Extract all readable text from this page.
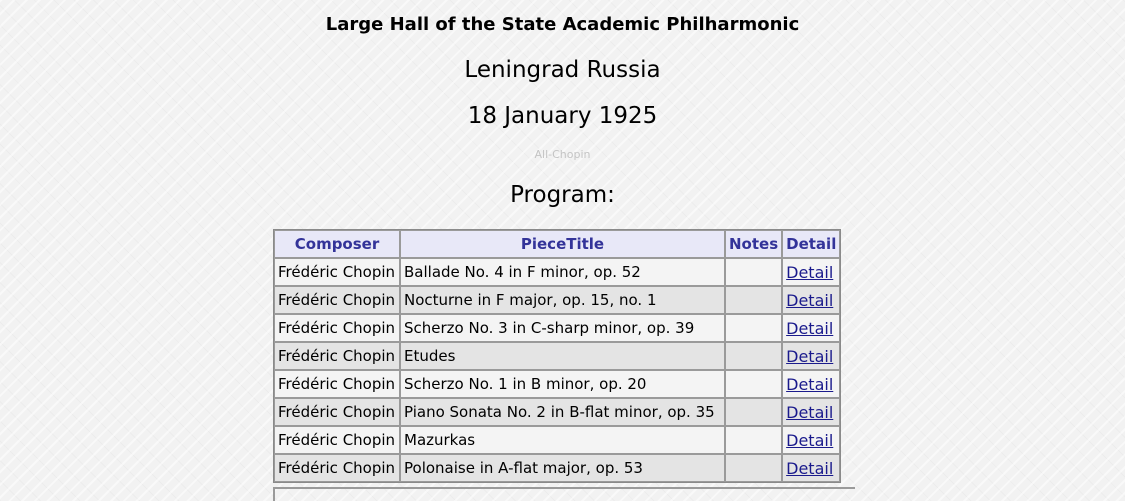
Large Hall of the State Academic Philharmonic
Leningrad Russia
18 January 1925
All-Chopin
Program:
Composer	PieceTitle	Notes	Detail
Frédéric Chopin	Ballade No. 4 in F minor, op. 52		Detail
Frédéric Chopin	Nocturne in F major, op. 15, no. 1		Detail
Frédéric Chopin	Scherzo No. 3 in C-sharp minor, op. 39		Detail
Frédéric Chopin	Etudes		Detail
Frédéric Chopin	Scherzo No. 1 in B minor, op. 20		Detail
Frédéric Chopin	Piano Sonata No. 2 in B-flat minor, op. 35		Detail
Frédéric Chopin	Mazurkas		Detail
Frédéric Chopin	Polonaise in A-flat major, op. 53		Detail
